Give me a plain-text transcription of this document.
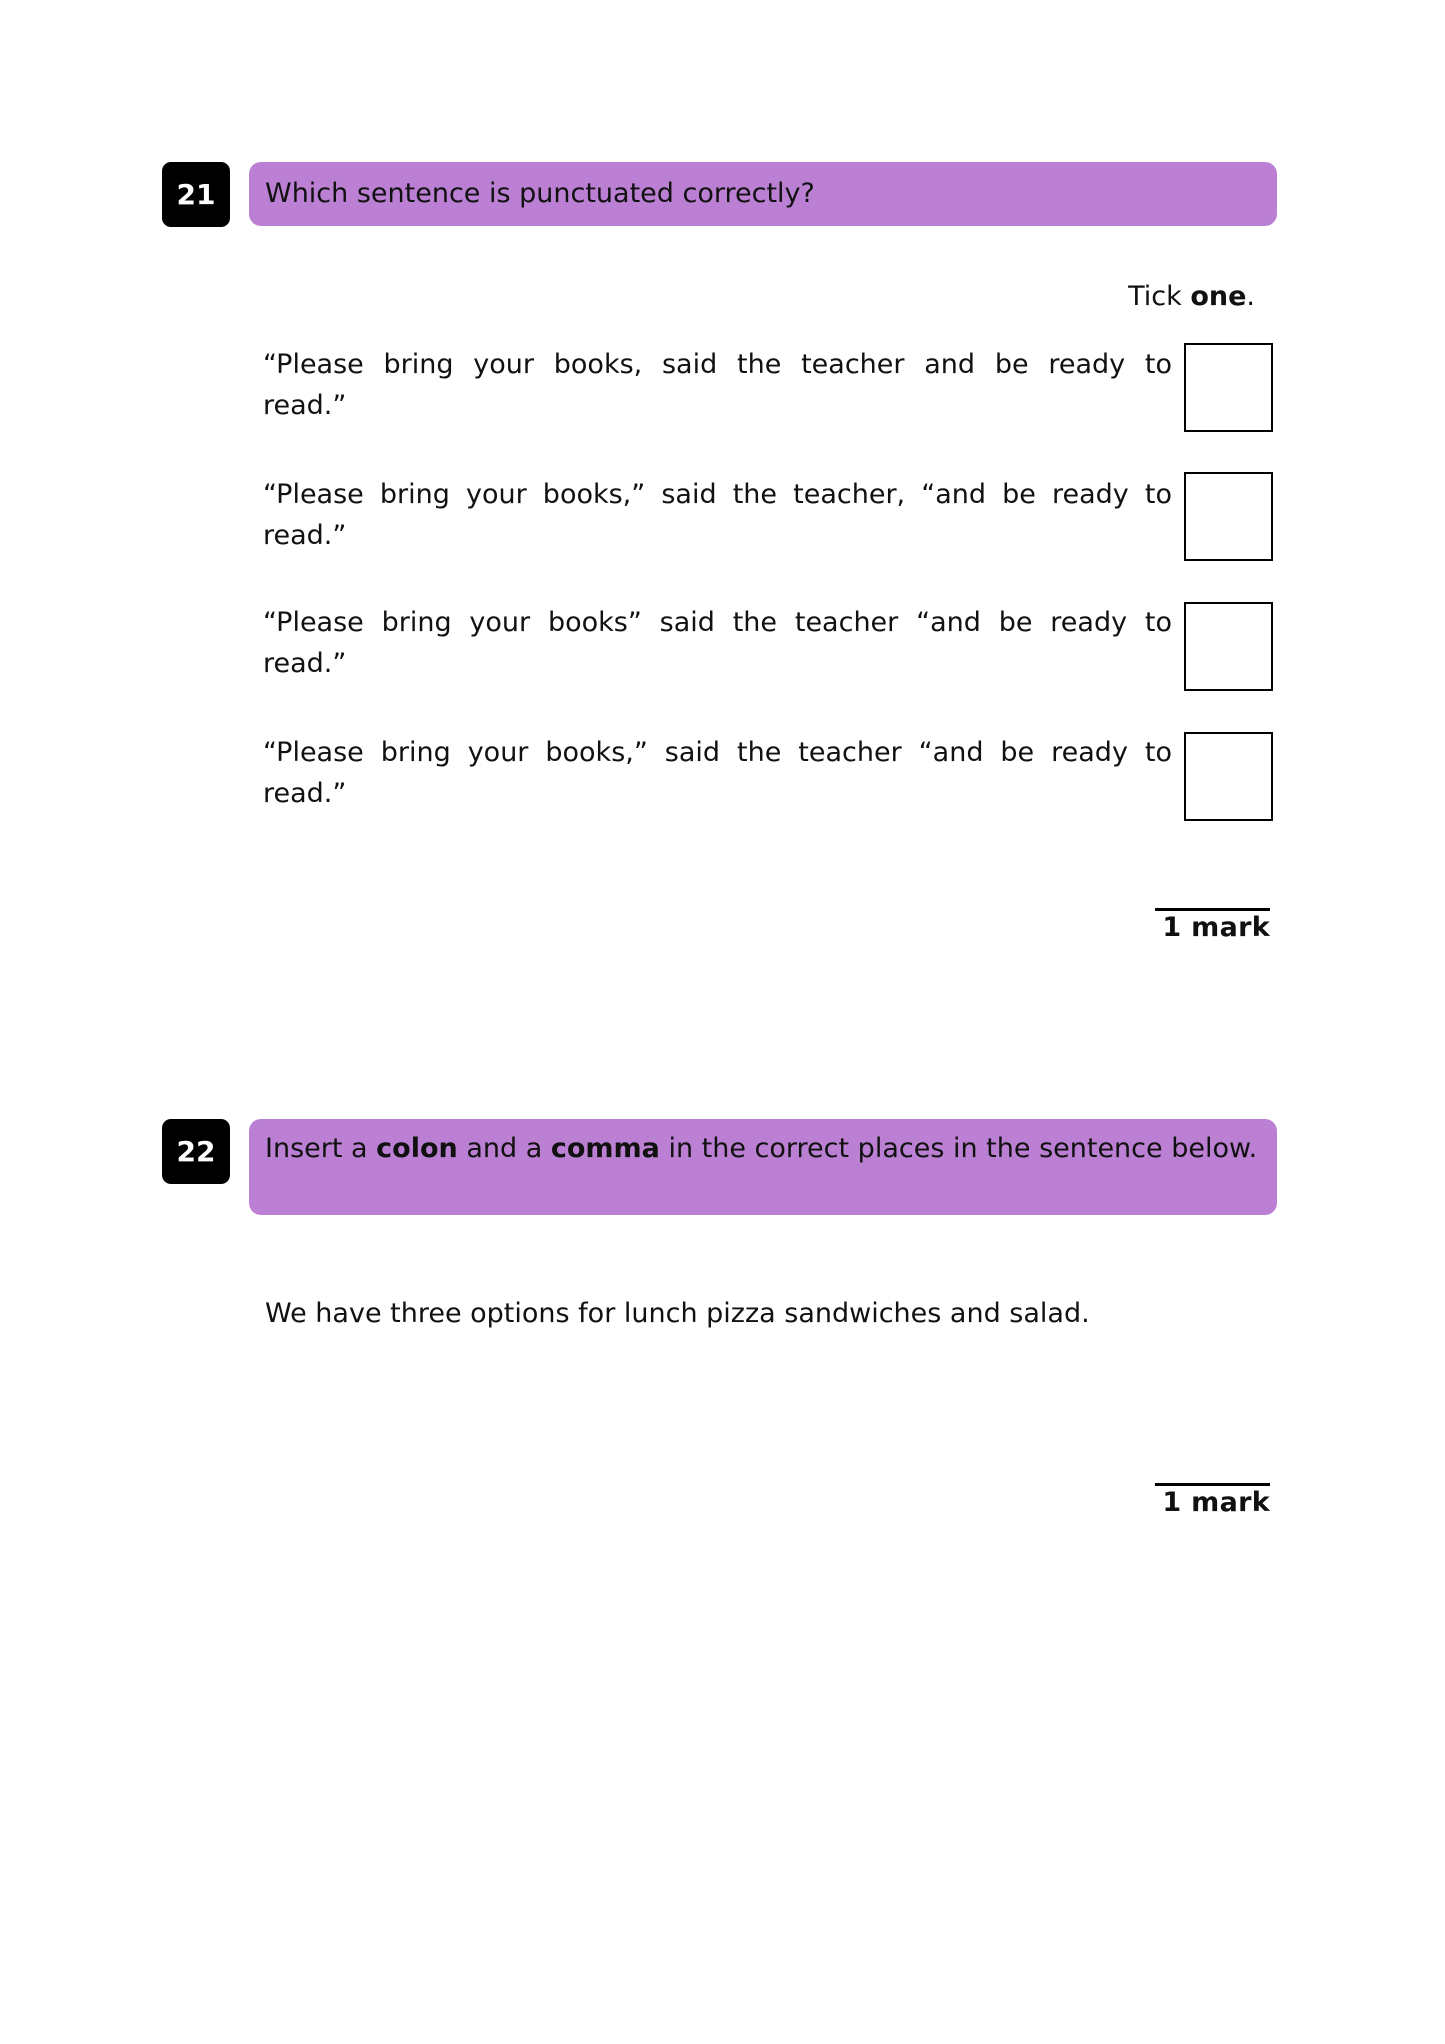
21	Which sentence is punctuated correctly?
Tick one.
“Please bring your books, said the teacher and be ready to read.”
“Please bring your books,” said the teacher, “and be ready to read.”
“Please bring your books” said the teacher “and be ready to read.”
“Please bring your books,” said the teacher “and be ready to read.”
1 mark
22	Insert a colon and a comma in the correct places in the sentence below.
We have three options for lunch pizza sandwiches and salad.
1 mark
